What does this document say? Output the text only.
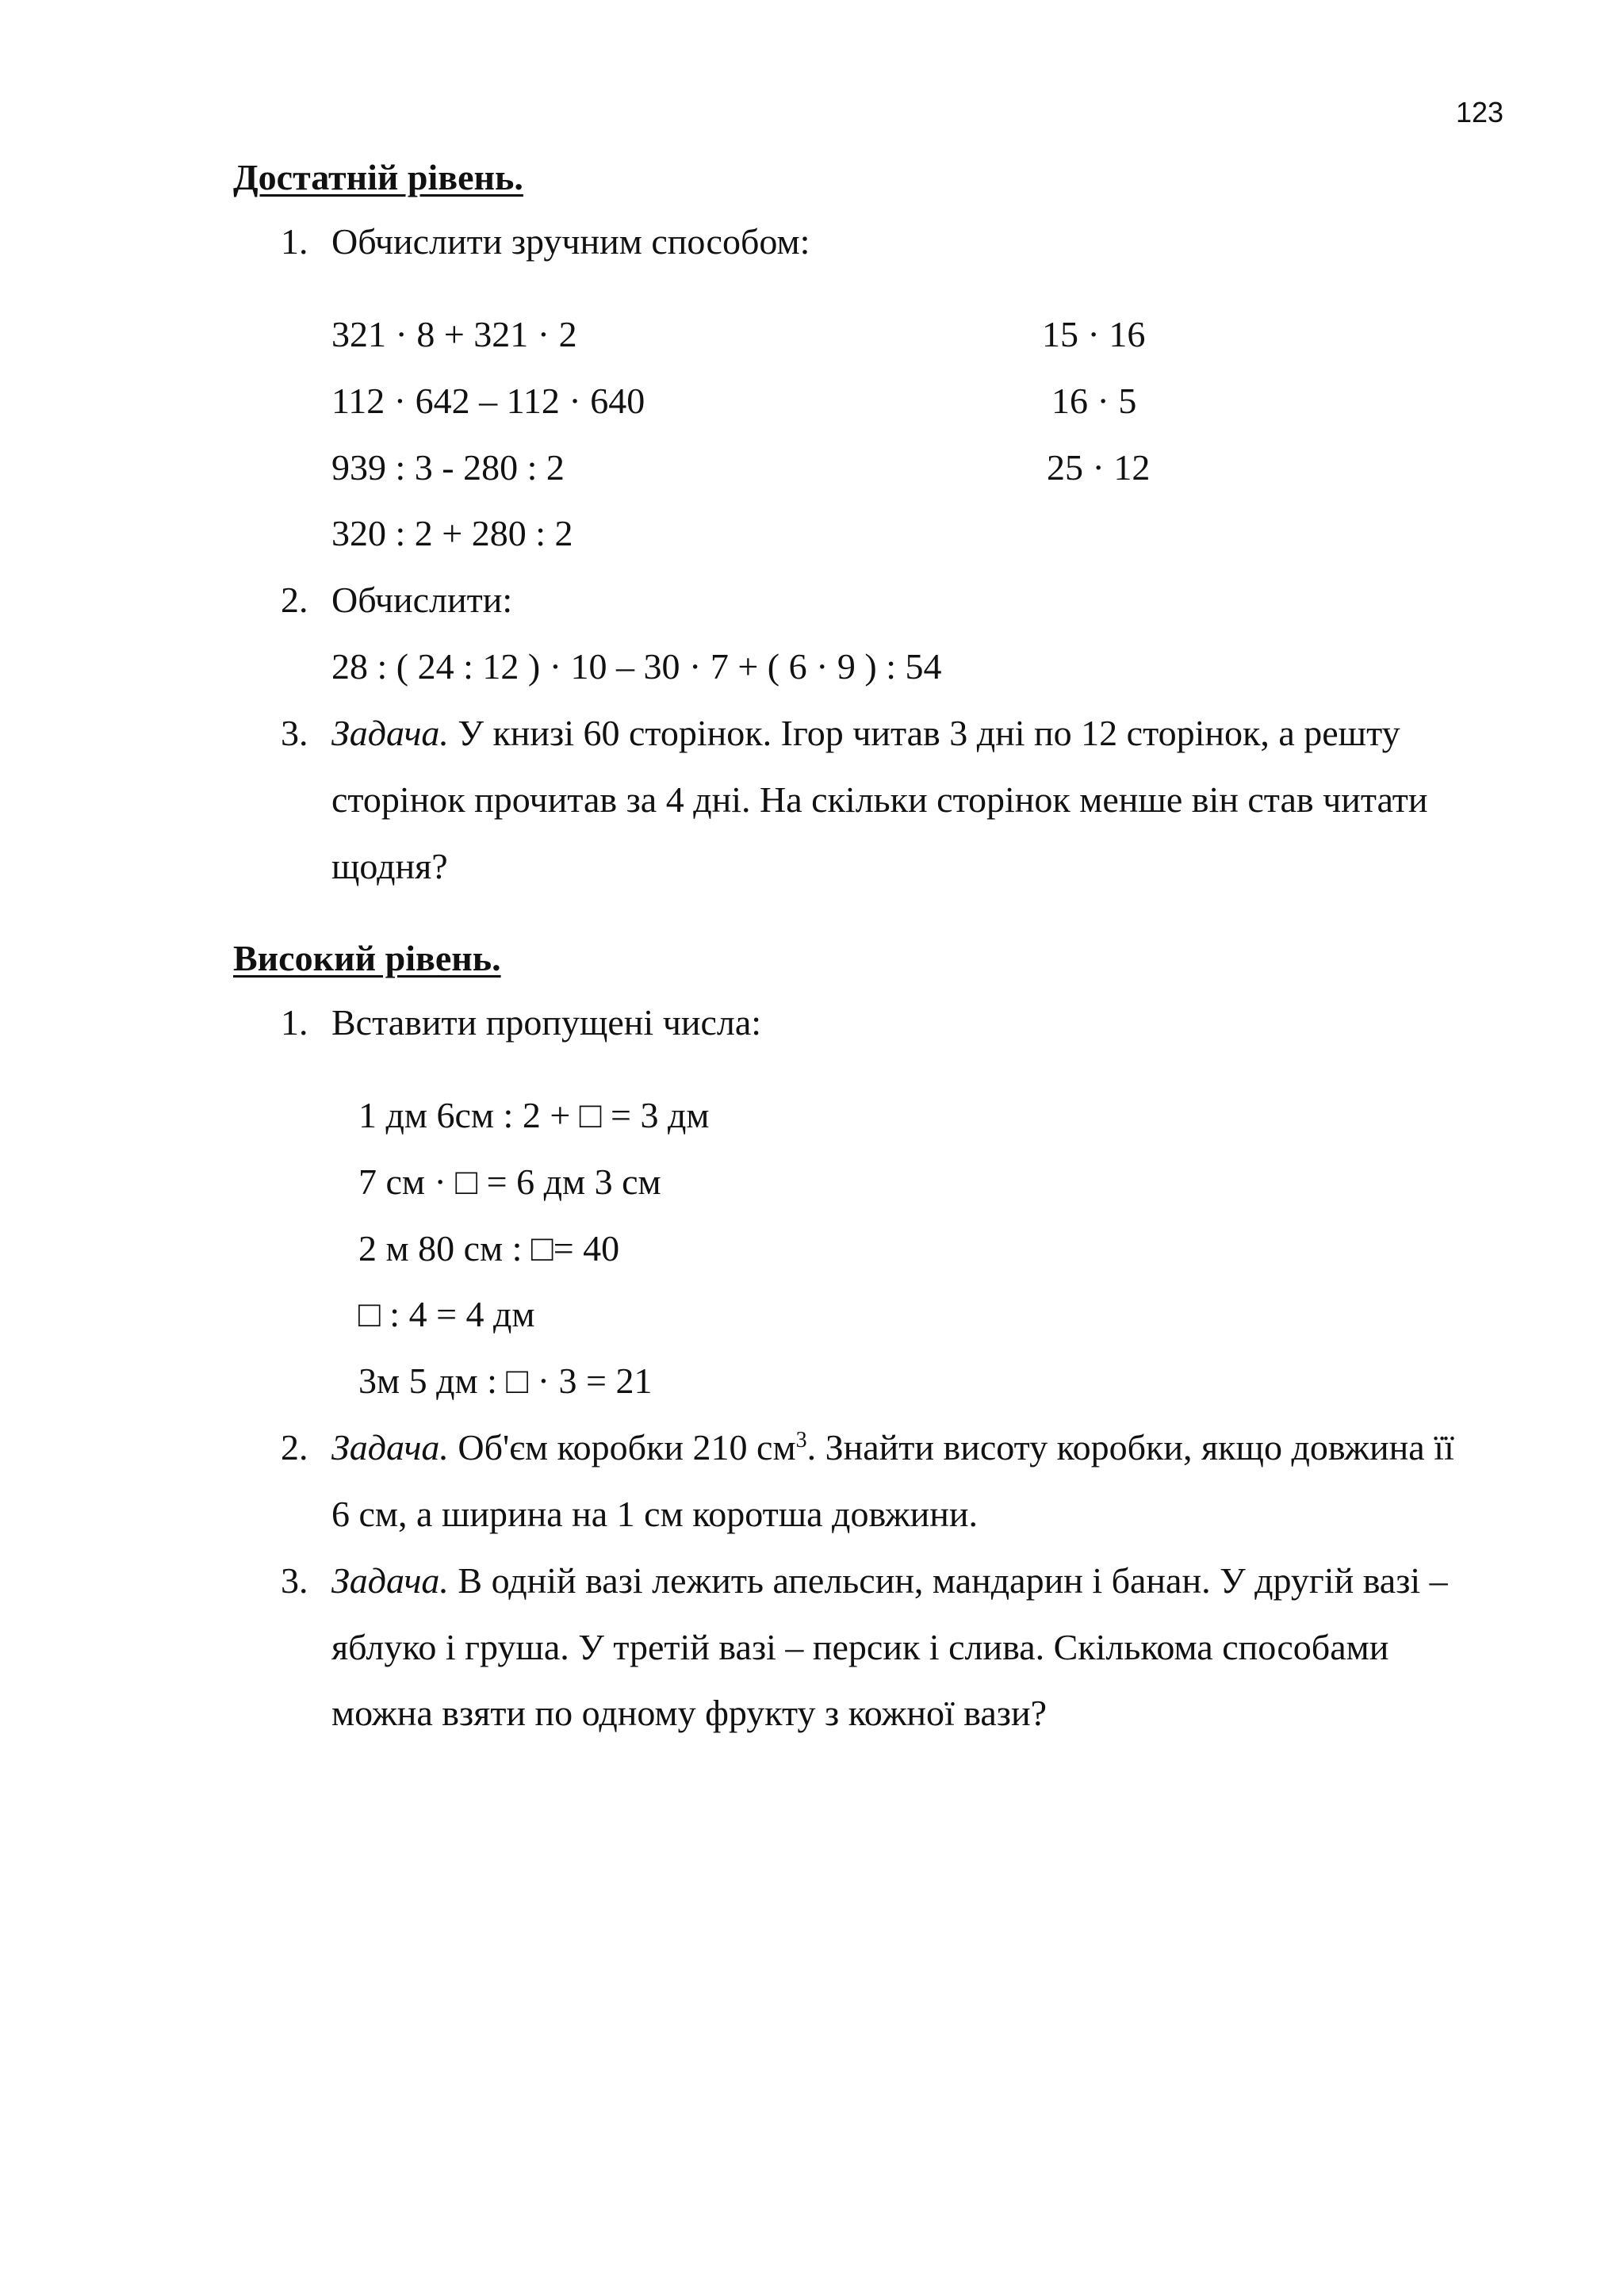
123
Достатній рівень.
1. Обчислити зручним способом:
321 · 8 + 321 · 2
112 · 642 – 112 · 640
939 : 3 - 280 : 2
320 : 2 + 280 : 2
15 · 16
16 · 5
25 · 12
2. Обчислити:
28 : ( 24 : 12 ) · 10 – 30 · 7 + ( 6 · 9 ) : 54
3. Задача. У книзі 60 сторінок. Ігор читав 3 дні по 12 сторінок, а решту
сторінок прочитав за 4 дні. На скільки сторінок менше він став читати
щодня?
Високий рівень.
1. Вставити пропущені числа:
1 дм 6см : 2 + □ = 3 дм
7 см · □ = 6 дм 3 см
2 м 80 см : □= 40
□ : 4 = 4 дм
3м 5 дм : □ · 3 = 21
2. Задача. Об'єм коробки 210 $см^3$. Знайти висоту коробки, якщо довжина її
6 см, а ширина на 1 см коротша довжини.
3. Задача. В одній вазі лежить апельсин, мандарин і банан. У другій вазі –
яблуко і груша. У третій вазі – персик і слива. Скількома способами
можна взяти по одному фрукту з кожної вази?
